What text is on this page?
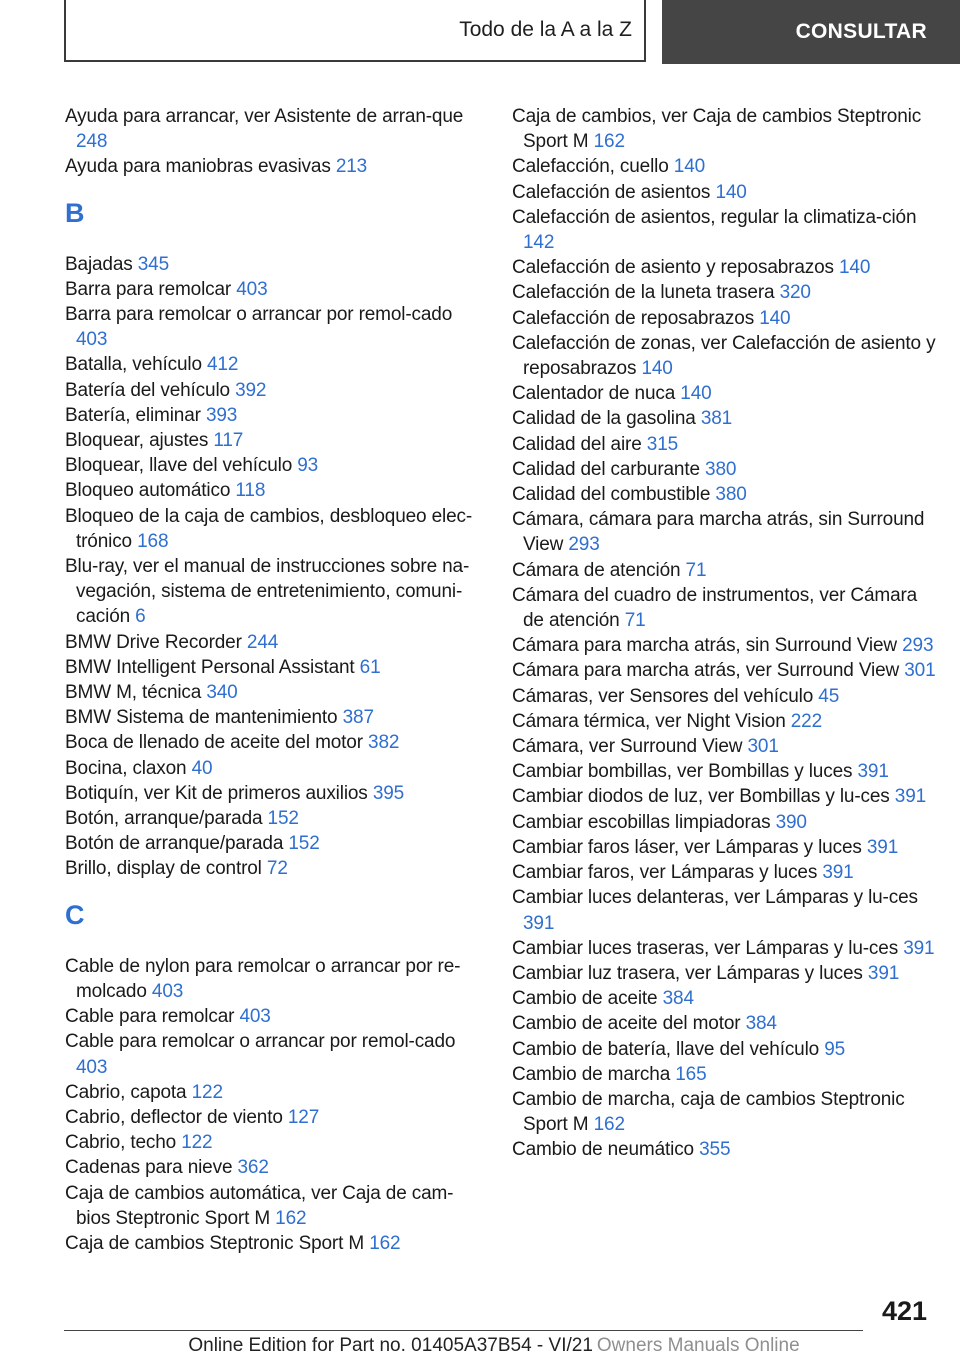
Todo de la A a la Z	CONSULTAR
Ayuda para arrancar, ver Asistente de arran-que 248
Ayuda para maniobras evasivas 213
B
Bajadas 345
Barra para remolcar 403
Barra para remolcar o arrancar por remol-cado 403
Batalla, vehículo 412
Batería del vehículo 392
Batería, eliminar 393
Bloquear, ajustes 117
Bloquear, llave del vehículo 93
Bloqueo automático 118
Bloqueo de la caja de cambios, desbloqueo elec-trónico 168
Blu-ray, ver el manual de instrucciones sobre na-vegación, sistema de entretenimiento, comuni-cación 6
BMW Drive Recorder 244
BMW Intelligent Personal Assistant 61
BMW M, técnica 340
BMW Sistema de mantenimiento 387
Boca de llenado de aceite del motor 382
Bocina, claxon 40
Botiquín, ver Kit de primeros auxilios 395
Botón, arranque/parada 152
Botón de arranque/parada 152
Brillo, display de control 72
C
Cable de nylon para remolcar o arrancar por re-molcado 403
Cable para remolcar 403
Cable para remolcar o arrancar por remol-cado 403
Cabrio, capota 122
Cabrio, deflector de viento 127
Cabrio, techo 122
Cadenas para nieve 362
Caja de cambios automática, ver Caja de cam-bios Steptronic Sport M 162
Caja de cambios Steptronic Sport M 162
Caja de cambios, ver Caja de cambios Steptronic Sport M 162
Calefacción, cuello 140
Calefacción de asientos 140
Calefacción de asientos, regular la climatiza-ción 142
Calefacción de asiento y reposabrazos 140
Calefacción de la luneta trasera 320
Calefacción de reposabrazos 140
Calefacción de zonas, ver Calefacción de asiento y reposabrazos 140
Calentador de nuca 140
Calidad de la gasolina 381
Calidad del aire 315
Calidad del carburante 380
Calidad del combustible 380
Cámara, cámara para marcha atrás, sin Surround View 293
Cámara de atención 71
Cámara del cuadro de instrumentos, ver Cámara de atención 71
Cámara para marcha atrás, sin Surround View 293
Cámara para marcha atrás, ver Surround View 301
Cámaras, ver Sensores del vehículo 45
Cámara térmica, ver Night Vision 222
Cámara, ver Surround View 301
Cambiar bombillas, ver Bombillas y luces 391
Cambiar diodos de luz, ver Bombillas y lu-ces 391
Cambiar escobillas limpiadoras 390
Cambiar faros láser, ver Lámparas y luces 391
Cambiar faros, ver Lámparas y luces 391
Cambiar luces delanteras, ver Lámparas y lu-ces 391
Cambiar luces traseras, ver Lámparas y lu-ces 391
Cambiar luz trasera, ver Lámparas y luces 391
Cambio de aceite 384
Cambio de aceite del motor 384
Cambio de batería, llave del vehículo 95
Cambio de marcha 165
Cambio de marcha, caja de cambios Steptronic Sport M 162
Cambio de neumático 355
421
Online Edition for Part no. 01405A37B54 - VI/21 Owners Manuals Online
